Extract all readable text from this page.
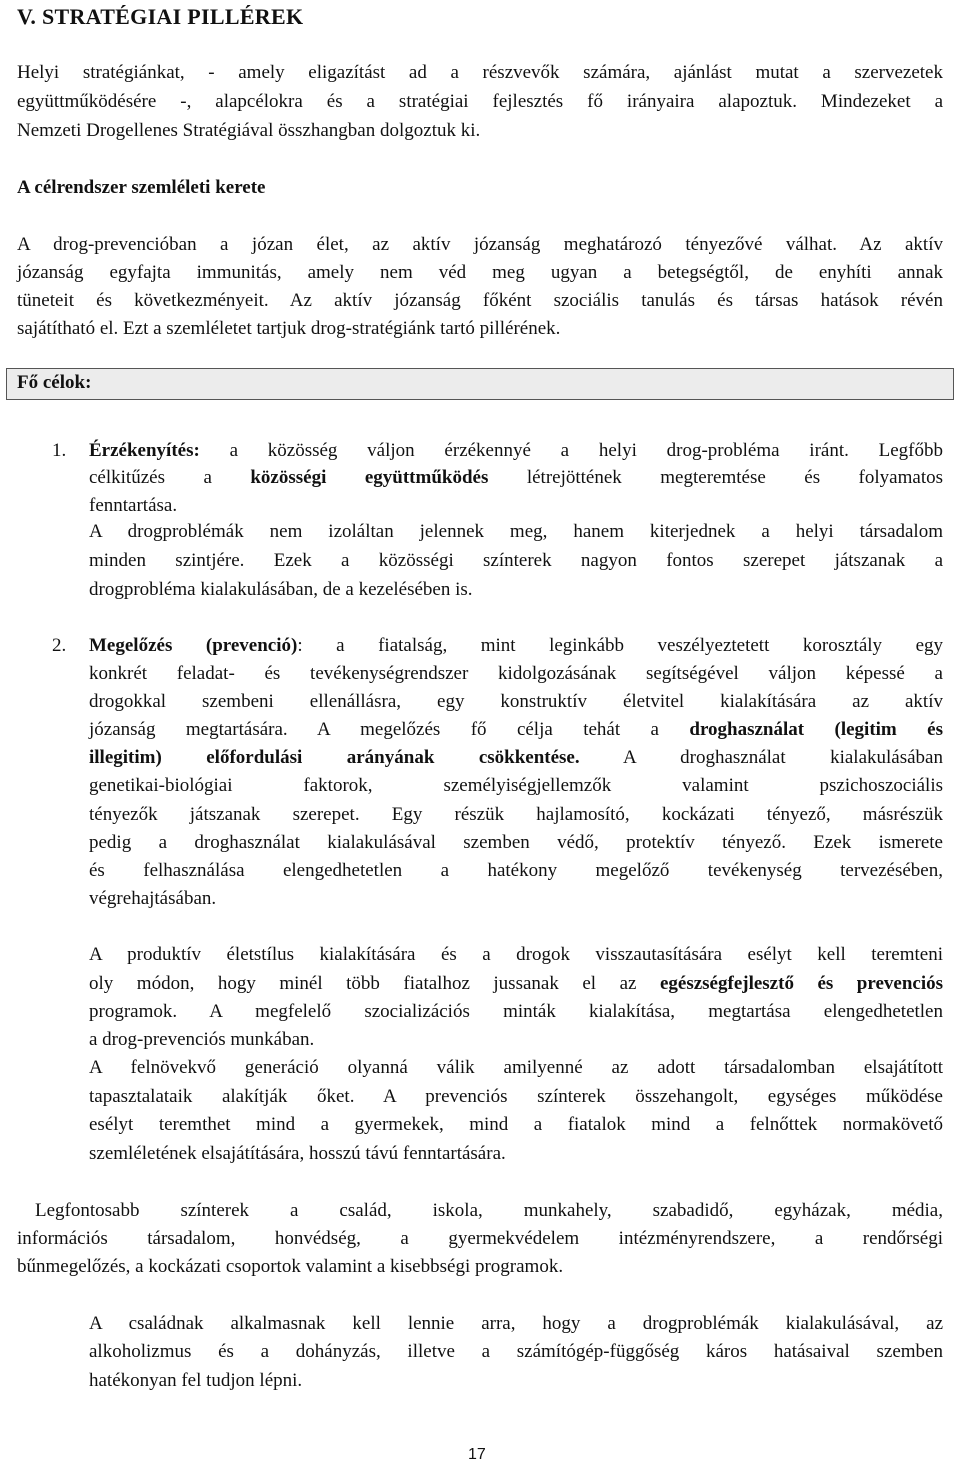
V. STRATÉGIAI PILLÉREK
Helyi stratégiánkat, - amely eligazítást ad a részvevők számára, ajánlást mutat a szervezetek
együttműködésére -, alapcélokra és a stratégiai fejlesztés fő irányaira alapoztuk. Mindezeket a
Nemzeti Drogellenes Stratégiával összhangban dolgoztuk ki.
A célrendszer szemléleti kerete
A drog-prevencióban a józan élet, az aktív józanság meghatározó tényezővé válhat. Az aktív
józanság egyfajta immunitás, amely nem véd meg ugyan a betegségtől, de enyhíti annak
tüneteit és következményeit. Az aktív józanság főként szociális tanulás és társas hatások révén
sajátítható el. Ezt a szemléletet tartjuk drog-stratégiánk tartó pillérének.
Fő célok:
1. Érzékenyítés: a közösség váljon érzékennyé a helyi drog-probléma iránt. Legfőbb
célkitűzés a közösségi együttműködés létrejöttének megteremtése és folyamatos
fenntartása.
A drogproblémák nem izoláltan jelennek meg, hanem kiterjednek a helyi társadalom
minden szintjére. Ezek a közösségi színterek nagyon fontos szerepet játszanak a
drogprobléma kialakulásában, de a kezelésében is.
2. Megelőzés (prevenció): a fiatalság, mint leginkább veszélyeztetett korosztály egy
konkrét feladat- és tevékenységrendszer kidolgozásának segítségével váljon képessé a
drogokkal szembeni ellenállásra, egy konstruktív életvitel kialakítására az aktív
józanság megtartására. A megelőzés fő célja tehát a droghasználat (legitim és
illegitim) előfordulási arányának csökkentése. A droghasználat kialakulásában
genetikai-biológiai faktorok, személyiségjellemzők valamint pszichoszociális
tényezők játszanak szerepet. Egy részük hajlamosító, kockázati tényező, másrészük
pedig a droghasználat kialakulásával szemben védő, protektív tényező. Ezek ismerete
és felhasználása elengedhetetlen a hatékony megelőző tevékenység tervezésében,
végrehajtásában.
A produktív életstílus kialakítására és a drogok visszautasítására esélyt kell teremteni
oly módon, hogy minél több fiatalhoz jussanak el az egészségfejlesztő és prevenciós
programok. A megfelelő szocializációs minták kialakítása, megtartása elengedhetetlen
a drog-prevenciós munkában.
A felnövekvő generáció olyanná válik amilyenné az adott társadalomban elsajátított
tapasztalataik alakítják őket. A prevenciós színterek összehangolt, egységes működése
esélyt teremthet mind a gyermekek, mind a fiatalok mind a felnőttek normakövető
szemléletének elsajátítására, hosszú távú fenntartására.
Legfontosabb színterek a család, iskola, munkahely, szabadidő, egyházak, média,
információs társadalom, honvédség, a gyermekvédelem intézményrendszere, a rendőrségi
bűnmegelőzés, a kockázati csoportok valamint a kisebbségi programok.
A családnak alkalmasnak kell lennie arra, hogy a drogproblémák kialakulásával, az
alkoholizmus és a dohányzás, illetve a számítógép-függőség káros hatásaival szemben
hatékonyan fel tudjon lépni.
17
